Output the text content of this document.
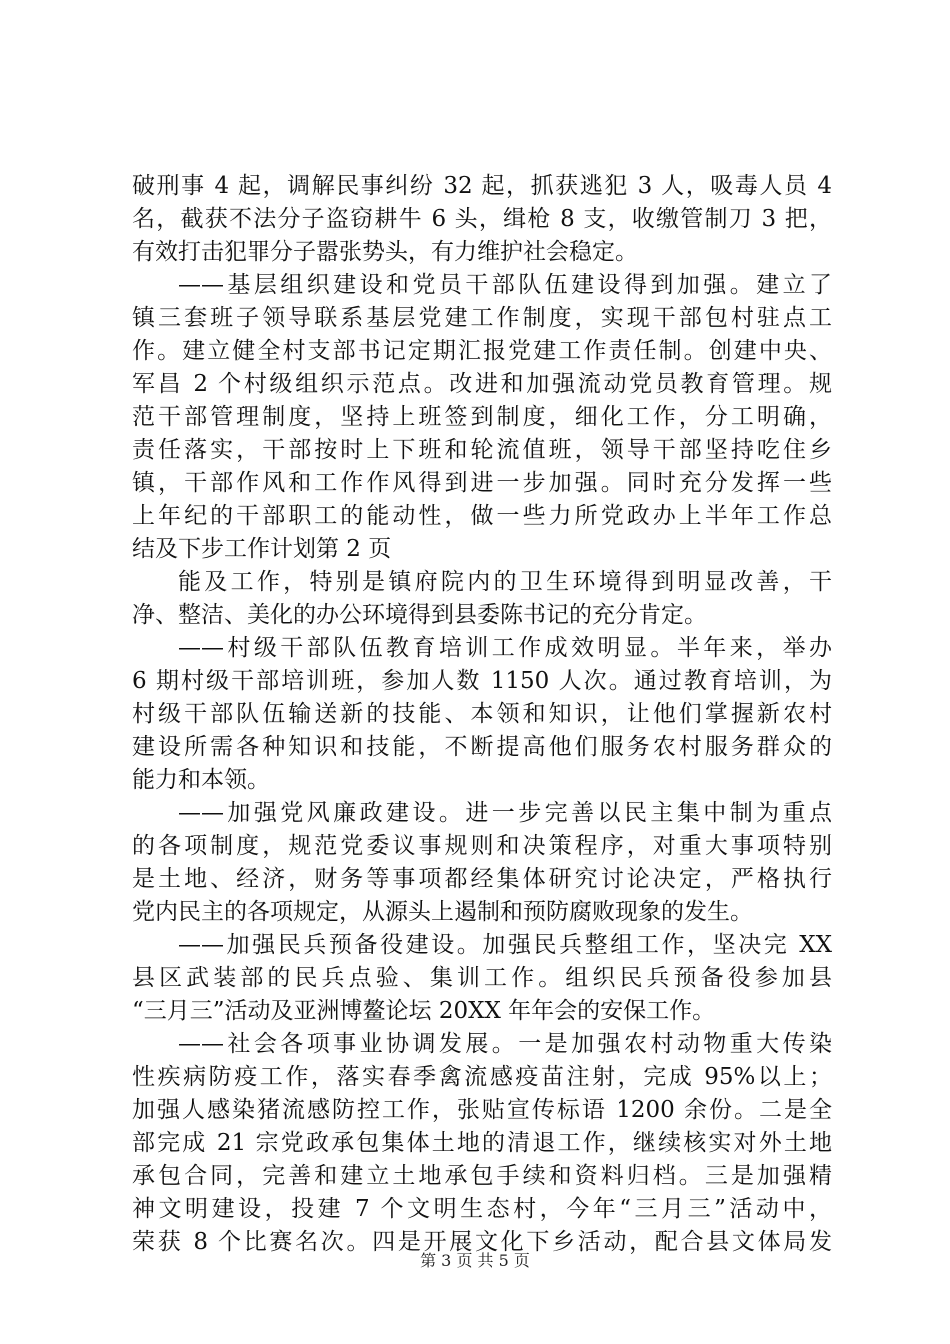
破刑事 4 起，调解民事纠纷 32 起，抓获逃犯 3 人，吸毒人员 4
名，截获不法分子盗窃耕牛 6 头，缉枪 8 支，收缴管制刀 3 把，
有效打击犯罪分子嚣张势头，有力维护社会稳定。
——基层组织建设和党员干部队伍建设得到加强。建立了
镇三套班子领导联系基层党建工作制度，实现干部包村驻点工
作。建立健全村支部书记定期汇报党建工作责任制。创建中央、
军昌 2 个村级组织示范点。改进和加强流动党员教育管理。规
范干部管理制度，坚持上班签到制度，细化工作，分工明确，
责任落实，干部按时上下班和轮流值班，领导干部坚持吃住乡
镇，干部作风和工作作风得到进一步加强。同时充分发挥一些
上年纪的干部职工的能动性，做一些力所党政办上半年工作总
结及下步工作计划第 2 页
能及工作，特别是镇府院内的卫生环境得到明显改善，干
净、整洁、美化的办公环境得到县委陈书记的充分肯定。
——村级干部队伍教育培训工作成效明显。半年来，举办
6 期村级干部培训班，参加人数 1150 人次。通过教育培训，为
村级干部队伍输送新的技能、本领和知识，让他们掌握新农村
建设所需各种知识和技能，不断提高他们服务农村服务群众的
能力和本领。
——加强党风廉政建设。进一步完善以民主集中制为重点
的各项制度，规范党委议事规则和决策程序，对重大事项特别
是土地、经济，财务等事项都经集体研究讨论决定，严格执行
党内民主的各项规定，从源头上遏制和预防腐败现象的发生。
——加强民兵预备役建设。加强民兵整组工作，坚决完 XX
县区武装部的民兵点验、集训工作。组织民兵预备役参加县
“三月三”活动及亚洲博鳌论坛 20XX 年年会的安保工作。
——社会各项事业协调发展。一是加强农村动物重大传染
性疾病防疫工作，落实春季禽流感疫苗注射，完成 95%以上；
加强人感染猪流感防控工作，张贴宣传标语 1200 余份。二是全
部完成 21 宗党政承包集体土地的清退工作，继续核实对外土地
承包合同，完善和建立土地承包手续和资料归档。三是加强精
神文明建设，投建 7 个文明生态村，今年“三月三”活动中，
荣获 8 个比赛名次。四是开展文化下乡活动，配合县文体局发
第 3 页 共 5 页
